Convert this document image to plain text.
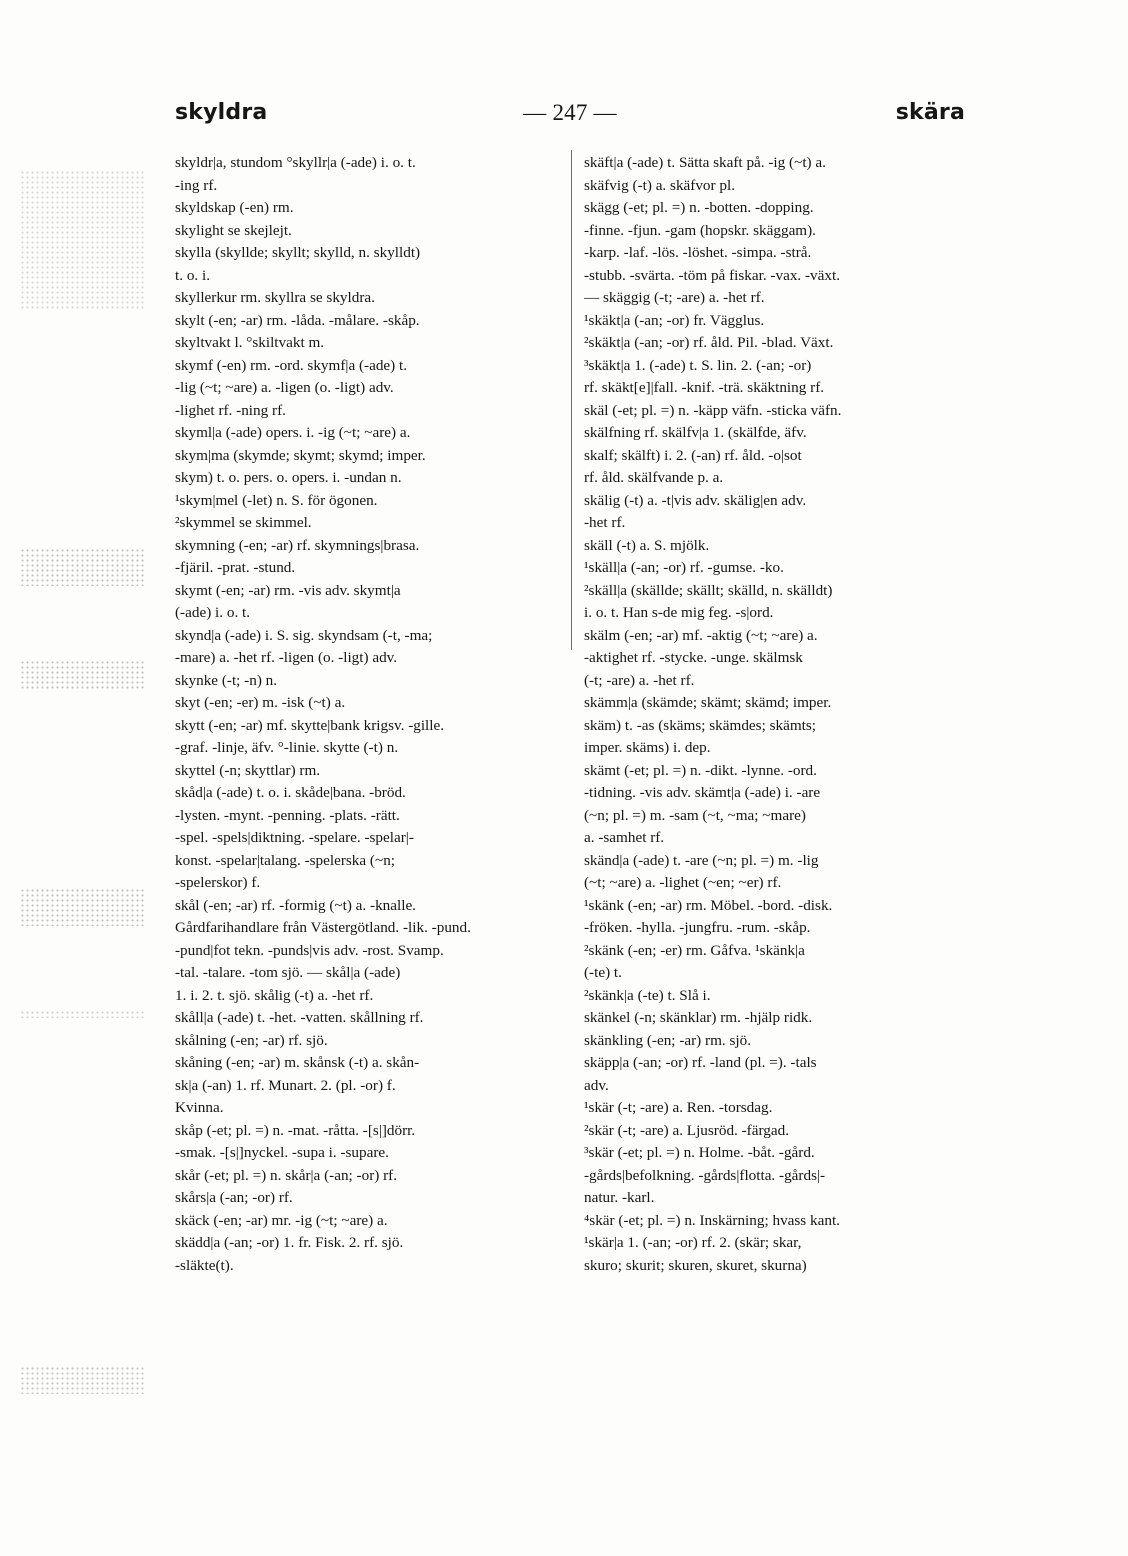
skyldra	— 247 —	skära
skyldr|a, stundom °skyllr|a (-ade) i. o. t.
-ing rf.
skyldskap (-en) rm.
skylight se skejlejt.
skylla (skyllde; skyllt; skylld, n. skylldt)
t. o. i.
skyllerkur rm. skyllra se skyldra.
skylt (-en; -ar) rm. -låda. -målare. -skåp.
skyltvakt l. °skiltvakt m.
skymf (-en) rm. -ord. skymf|a (-ade) t.
-lig (~t; ~are) a. -ligen (o. -ligt) adv.
-lighet rf. -ning rf.
skyml|a (-ade) opers. i. -ig (~t; ~are) a.
skym|ma (skymde; skymt; skymd; imper.
skym) t. o. pers. o. opers. i. -undan n.
¹skym|mel (-let) n. S. för ögonen.
²skymmel se skimmel.
skymning (-en; -ar) rf. skymnings|brasa.
-fjäril. -prat. -stund.
skymt (-en; -ar) rm. -vis adv. skymt|a
(-ade) i. o. t.
skynd|a (-ade) i. S. sig. skyndsam (-t, -ma;
-mare) a. -het rf. -ligen (o. -ligt) adv.
skynke (-t; -n) n.
skyt (-en; -er) m. -isk (~t) a.
skytt (-en; -ar) mf. skytte|bank krigsv. -gille.
-graf. -linje, äfv. °-linie. skytte (-t) n.
skyttel (-n; skyttlar) rm.
skåd|a (-ade) t. o. i. skåde|bana. -bröd.
-lysten. -mynt. -penning. -plats. -rätt.
-spel. -spels|diktning. -spelare. -spelar|-
konst. -spelar|talang. -spelerska (~n;
-spelerskor) f.
skål (-en; -ar) rf. -formig (~t) a. -knalle.
Gårdfarihandlare från Västergötland. -lik. -pund.
-pund|fot tekn. -punds|vis adv. -rost. Svamp.
-tal. -talare. -tom sjö. — skål|a (-ade)
1. i. 2. t. sjö. skålig (-t) a. -het rf.
skåll|a (-ade) t. -het. -vatten. skållning rf.
skålning (-en; -ar) rf. sjö.
skåning (-en; -ar) m. skånsk (-t) a. skån-
sk|a (-an) 1. rf. Munart. 2. (pl. -or) f.
Kvinna.
skåp (-et; pl. =) n. -mat. -råtta. -[s|]dörr.
-smak. -[s|]nyckel. -supa i. -supare.
skår (-et; pl. =) n. skår|a (-an; -or) rf.
skårs|a (-an; -or) rf.
skäck (-en; -ar) mr. -ig (~t; ~are) a.
skädd|a (-an; -or) 1. fr. Fisk. 2. rf. sjö.
-släkte(t).
skäft|a (-ade) t. Sätta skaft på. -ig (~t) a.
skäfvig (-t) a. skäfvor pl.
skägg (-et; pl. =) n. -botten. -dopping.
-finne. -fjun. -gam (hopskr. skäggam).
-karp. -laf. -lös. -löshet. -simpa. -strå.
-stubb. -svärta. -töm på fiskar. -vax. -växt.
— skäggig (-t; -are) a. -het rf.
¹skäkt|a (-an; -or) fr. Vägglus.
²skäkt|a (-an; -or) rf. åld. Pil. -blad. Växt.
³skäkt|a 1. (-ade) t. S. lin. 2. (-an; -or)
rf. skäkt[e]|fall. -knif. -trä. skäktning rf.
skäl (-et; pl. =) n. -käpp väfn. -sticka väfn.
skälfning rf. skälfv|a 1. (skälfde, äfv.
skalf; skälft) i. 2. (-an) rf. åld. -o|sot
rf. åld. skälfvande p. a.
skälig (-t) a. -t|vis adv. skälig|en adv.
-het rf.
skäll (-t) a. S. mjölk.
¹skäll|a (-an; -or) rf. -gumse. -ko.
²skäll|a (skällde; skällt; skälld, n. skälldt)
i. o. t. Han s-de mig feg. -s|ord.
skälm (-en; -ar) mf. -aktig (~t; ~are) a.
-aktighet rf. -stycke. -unge. skälmsk
(-t; -are) a. -het rf.
skämm|a (skämde; skämt; skämd; imper.
skäm) t. -as (skäms; skämdes; skämts;
imper. skäms) i. dep.
skämt (-et; pl. =) n. -dikt. -lynne. -ord.
-tidning. -vis adv. skämt|a (-ade) i. -are
(~n; pl. =) m. -sam (~t, ~ma; ~mare)
a. -samhet rf.
skänd|a (-ade) t. -are (~n; pl. =) m. -lig
(~t; ~are) a. -lighet (~en; ~er) rf.
¹skänk (-en; -ar) rm. Möbel. -bord. -disk.
-fröken. -hylla. -jungfru. -rum. -skåp.
²skänk (-en; -er) rm. Gåfva. ¹skänk|a
(-te) t.
²skänk|a (-te) t. Slå i.
skänkel (-n; skänklar) rm. -hjälp ridk.
skänkling (-en; -ar) rm. sjö.
skäpp|a (-an; -or) rf. -land (pl. =). -tals
adv.
¹skär (-t; -are) a. Ren. -torsdag.
²skär (-t; -are) a. Ljusröd. -färgad.
³skär (-et; pl. =) n. Holme. -båt. -gård.
-gårds|befolkning. -gårds|flotta. -gårds|-
natur. -karl.
⁴skär (-et; pl. =) n. Inskärning; hvass kant.
¹skär|a 1. (-an; -or) rf. 2. (skär; skar,
skuro; skurit; skuren, skuret, skurna)
